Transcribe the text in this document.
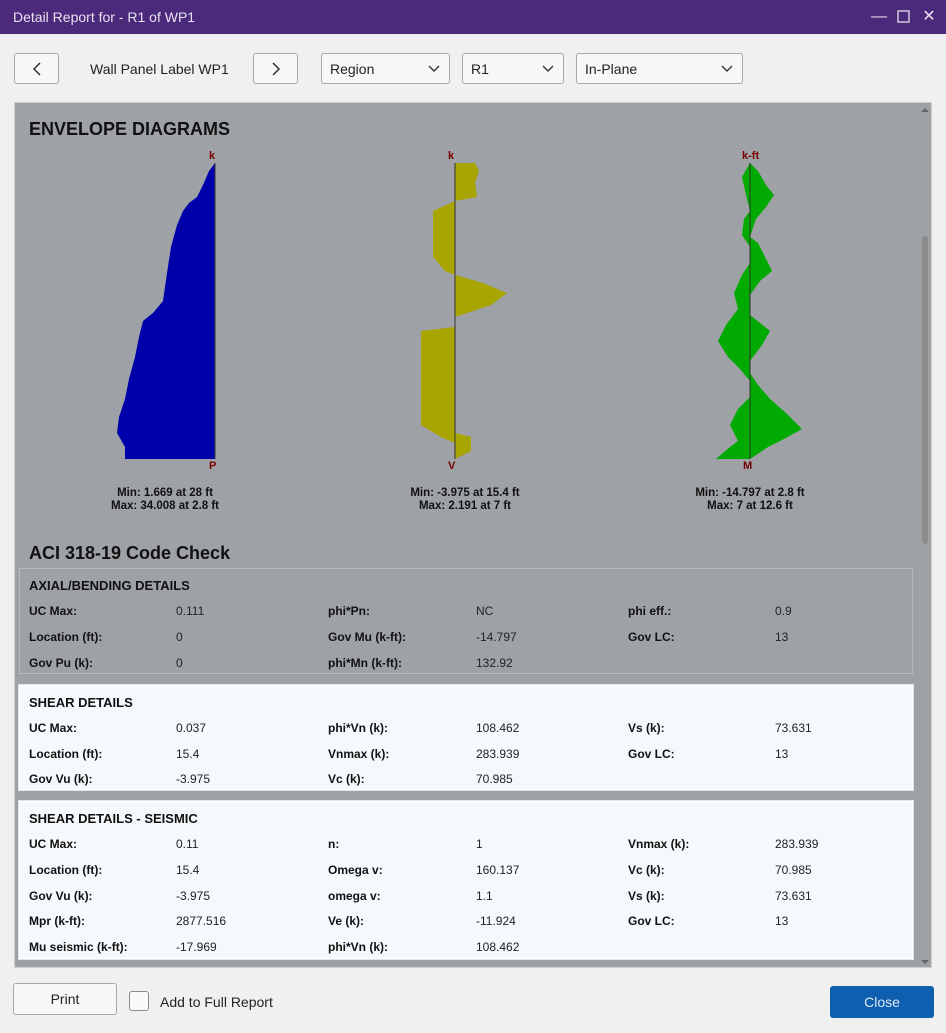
Detail Report for - R1 of WP1	— ✕
Wall Panel Label WP1	Region	R1	In-Plane
ENVELOPE DIAGRAMS
k
P
Min: 1.669 at 28 ft
Max: 34.008 at 2.8 ft
k
V
Min: -3.975 at 15.4 ft
Max: 2.191 at 7 ft
k-ft
M
Min: -14.797 at 2.8 ft
Max: 7 at 12.6 ft
ACI 318-19 Code Check
AXIAL/BENDING DETAILS
UC Max:	0.111	phi*Pn:	NC	phi eff.:	0.9
Location (ft):	0	Gov Mu (k-ft):	-14.797	Gov LC:	13
Gov Pu (k):	0	phi*Mn (k-ft):	132.92
SHEAR DETAILS
UC Max:	0.037	phi*Vn (k):	108.462	Vs (k):	73.631
Location (ft):	15.4	Vnmax (k):	283.939	Gov LC:	13
Gov Vu (k):	-3.975	Vc (k):	70.985
SHEAR DETAILS - SEISMIC
UC Max:	0.11	n:	1	Vnmax (k):	283.939
Location (ft):	15.4	Omega v:	160.137	Vc (k):	70.985
Gov Vu (k):	-3.975	omega v:	1.1	Vs (k):	73.631
Mpr (k-ft):	2877.516	Ve (k):	-11.924	Gov LC:	13
Mu seismic (k-ft):	-17.969	phi*Vn (k):	108.462
Print	Add to Full Report	Close
